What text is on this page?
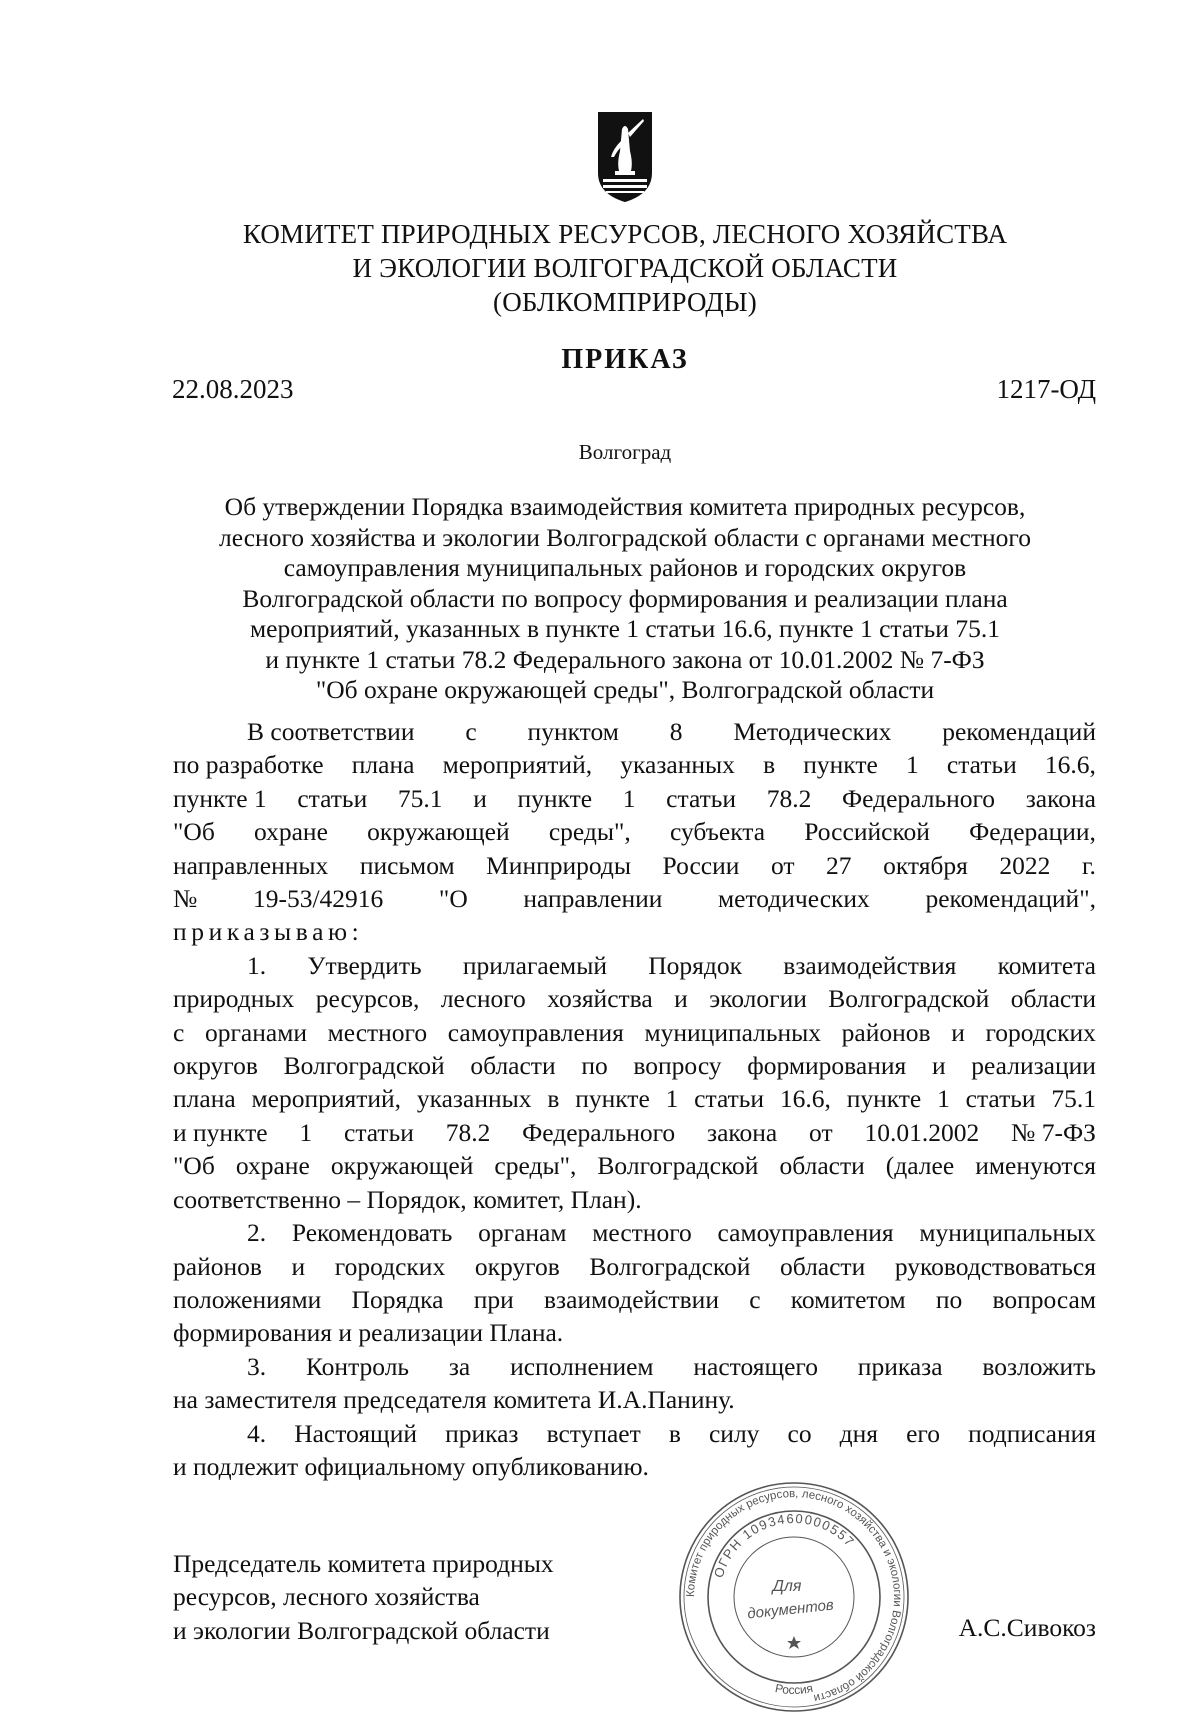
КОМИТЕТ ПРИРОДНЫХ РЕСУРСОВ, ЛЕСНОГО ХОЗЯЙСТВА
И ЭКОЛОГИИ ВОЛГОГРАДСКОЙ ОБЛАСТИ
(ОБЛКОМПРИРОДЫ)
ПРИКАЗ
22.08.2023	1217-ОД
Волгоград
Об утверждении Порядка взаимодействия комитета природных ресурсов,
лесного хозяйства и экологии Волгоградской области с органами местного
самоуправления муниципальных районов и городских округов
Волгоградской области по вопросу формирования и реализации плана
мероприятий, указанных в пункте 1 статьи 16.6, пункте 1 статьи 75.1
и пункте 1 статьи 78.2 Федерального закона от 10.01.2002 № 7-ФЗ
"Об охране окружающей среды", Волгоградской области
В соответствии с пунктом 8 Методических рекомендаций
по разработке плана мероприятий, указанных в пункте 1 статьи 16.6,
пункте 1 статьи 75.1 и пункте 1 статьи 78.2 Федерального закона
"Об охране окружающей среды", субъекта Российской Федерации,
направленных письмом Минприроды России от 27 октября 2022 г.
№ 19-53/42916 "О направлении методических рекомендаций",
приказываю:
1. Утвердить прилагаемый Порядок взаимодействия комитета
природных ресурсов, лесного хозяйства и экологии Волгоградской области
с органами местного самоуправления муниципальных районов и городских
округов Волгоградской области по вопросу формирования и реализации
плана мероприятий, указанных в пункте 1 статьи 16.6, пункте 1 статьи 75.1
и пункте 1 статьи 78.2 Федерального закона от 10.01.2002 № 7-ФЗ
"Об охране окружающей среды", Волгоградской области (далее именуются
соответственно – Порядок, комитет, План).
2. Рекомендовать органам местного самоуправления муниципальных
районов и городских округов Волгоградской области руководствоваться
положениями Порядка при взаимодействии с комитетом по вопросам
формирования и реализации Плана.
3. Контроль за исполнением настоящего приказа возложить
на заместителя председателя комитета И.А.Панину.
4. Настоящий приказ вступает в силу со дня его подписания
и подлежит официальному опубликованию.
Председатель комитета природных
ресурсов, лесного хозяйства
и экологии Волгоградской области
Комитет природных ресурсов, лесного хозяйства и экологии Волгоградской области
ОГРН 1093460000557
Россия
Для
документов
А.С.Сивокоз
